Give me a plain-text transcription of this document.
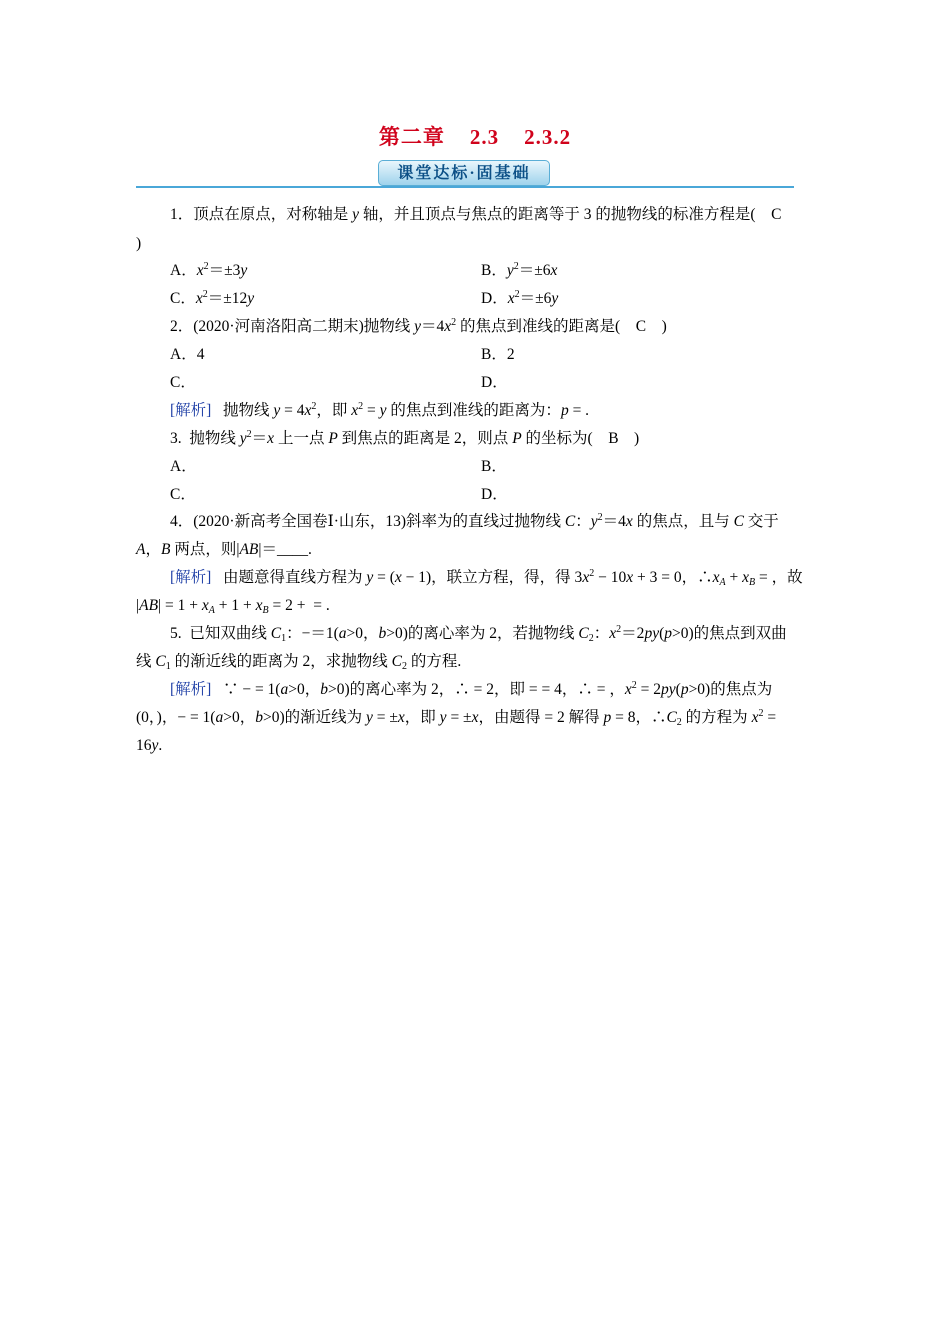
第二章 2.3 2.3.2
课堂达标·固基础
1．顶点在原点，对称轴是 y 轴，并且顶点与焦点的距离等于 3 的抛物线的标准方程是(    C
)
A．$x^2=\pm 3y$	B．$y^2=\pm 6x$
C．$x^2=\pm 12y$	D．$x^2=\pm 6y$
2．(2020·河南洛阳高二期末)抛物线 $y=4x^2$ 的焦点到准线的距离是(    C    )
A．4	B．2
C．	D．
[解析]   抛物线 $y = 4x^2$，即 $x^2 = y$ 的焦点到准线的距离为：p = .
3.  抛物线 $y^2=x$ 上一点 P 到焦点的距离是 2，则点 P 的坐标为(    B    )
A．	B．
C．	D．
4．(2020·新高考全国卷Ⅰ·山东，13)斜率为的直线过抛物线 C：$y^2=4x$ 的焦点，且与 C 交于
A，B 两点，则|AB|＝____.
[解析]   由题意得直线方程为 y = (x − 1)，联立方程，得，得 $3x^2 - 10x + 3 = 0$，$\therefore x_A + x_B$ = ，故
$|AB| = 1 + x_A + 1 + x_B = 2$ +  = .
5.  已知双曲线 $C_1$：−＝1(a>0，b>0)的离心率为 2，若抛物线 $C_2$：$x^2=2py(p>0)$的焦点到双曲
线 $C_1$ 的渐近线的距离为 2，求抛物线 $C_2$ 的方程.
[解析]   ∵ − = 1(a>0，b>0)的离心率为 2，∴ = 2，即 = = 4，∴ = ，$x^2 = 2py(p>0)$的焦点为
(0，)，− = 1(a>0，b>0)的渐近线为 y = ±x，即 y = ±x，由题得 = 2 解得 p = 8，$\therefore C_2$ 的方程为 $x^2$ =
16y.
